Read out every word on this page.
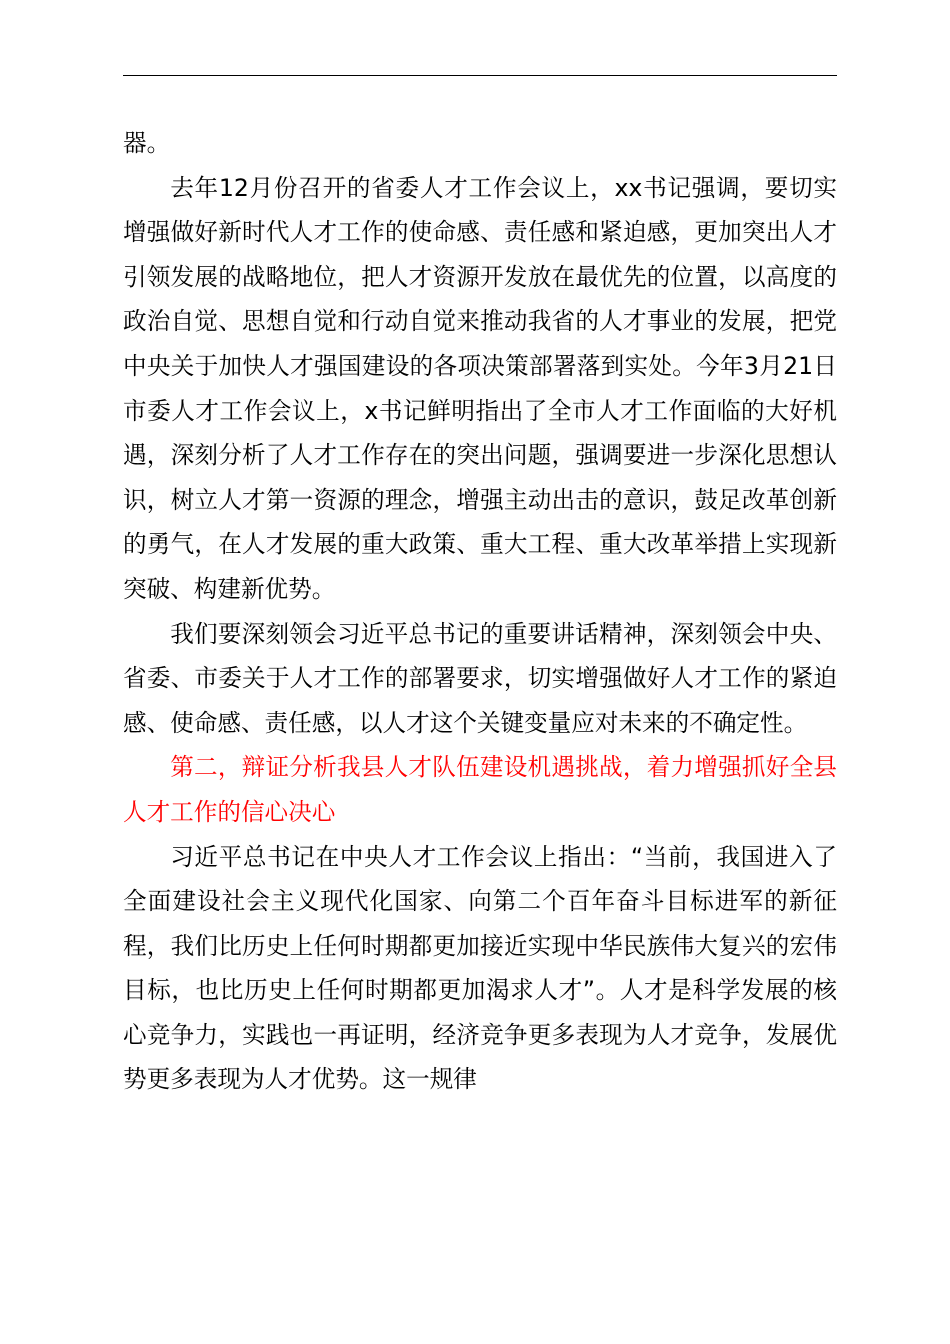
器。

去年12月份召开的省委人才工作会议上，xx书记强调，要切实增强做好新时代人才工作的使命感、责任感和紧迫感，更加突出人才引领发展的战略地位，把人才资源开发放在最优先的位置，以高度的政治自觉、思想自觉和行动自觉来推动我省的人才事业的发展，把党中央关于加快人才强国建设的各项决策部署落到实处。今年3月21日市委人才工作会议上，x书记鲜明指出了全市人才工作面临的大好机遇，深刻分析了人才工作存在的突出问题，强调要进一步深化思想认识，树立人才第一资源的理念，增强主动出击的意识，鼓足改革创新的勇气，在人才发展的重大政策、重大工程、重大改革举措上实现新突破、构建新优势。

我们要深刻领会习近平总书记的重要讲话精神，深刻领会中央、省委、市委关于人才工作的部署要求，切实增强做好人才工作的紧迫感、使命感、责任感，以人才这个关键变量应对未来的不确定性。

第二，辩证分析我县人才队伍建设机遇挑战，着力增强抓好全县人才工作的信心决心

习近平总书记在中央人才工作会议上指出：“当前，我国进入了全面建设社会主义现代化国家、向第二个百年奋斗目标进军的新征程，我们比历史上任何时期都更加接近实现中华民族伟大复兴的宏伟目标，也比历史上任何时期都更加渴求人才”。人才是科学发展的核心竞争力，实践也一再证明，经济竞争更多表现为人才竞争，发展优势更多表现为人才优势。这一规律
